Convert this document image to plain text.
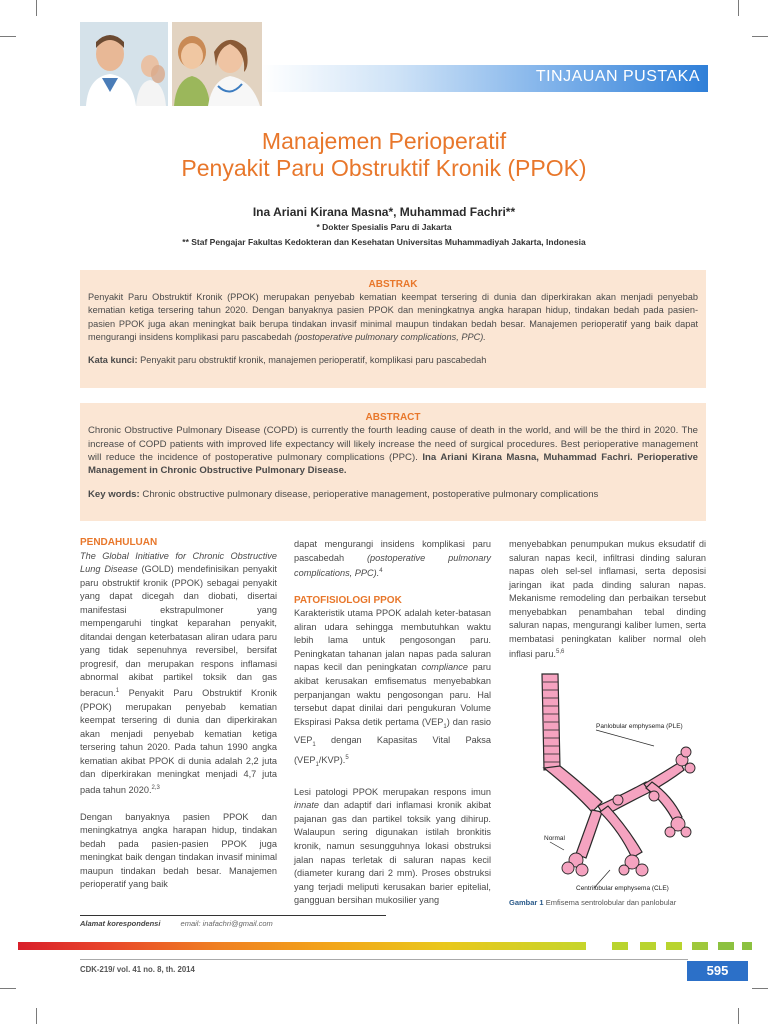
TINJAUAN PUSTAKA
Manajemen Perioperatif
Penyakit Paru Obstruktif Kronik (PPOK)
Ina Ariani Kirana Masna*, Muhammad Fachri**
* Dokter Spesialis Paru di Jakarta
** Staf Pengajar Fakultas Kedokteran dan Kesehatan Universitas Muhammadiyah Jakarta, Indonesia
ABSTRAK
Penyakit Paru Obstruktif Kronik (PPOK) merupakan penyebab kematian keempat tersering di dunia dan diperkirakan akan menjadi penyebab kematian ketiga tersering tahun 2020. Dengan banyaknya pasien PPOK dan meningkatnya angka harapan hidup, tindakan bedah pada pasien-pasien PPOK juga akan meningkat baik berupa tindakan invasif minimal maupun tindakan bedah besar. Manajemen perioperatif yang baik dapat mengurangi insidens komplikasi paru pascabedah (postoperative pulmonary complications, PPC).
Kata kunci: Penyakit paru obstruktif kronik, manajemen perioperatif, komplikasi paru pascabedah
ABSTRACT
Chronic Obstructive Pulmonary Disease (COPD) is currently the fourth leading cause of death in the world, and will be the third in 2020. The increase of COPD patients with improved life expectancy will likely increase the need of surgical procedures. Best perioperative management will reduce the incidence of postoperative pulmonary complications (PPC). Ina Ariani Kirana Masna, Muhammad Fachri. Perioperative Management in Chronic Obstructive Pulmonary Disease.
Key words: Chronic obstructive pulmonary disease, perioperative management, postoperative pulmonary complications
PENDAHULUAN

The Global Initiative for Chronic Obstructive Lung Disease (GOLD) mendefinisikan penyakit paru obstruktif kronik (PPOK) sebagai penyakit yang dapat dicegah dan diobati, disertai manifestasi ekstrapulmoner yang mempengaruhi tingkat keparahan penyakit, ditandai dengan keterbatasan aliran udara paru yang tidak sepenuhnya reversibel, bersifat progresif, dan merupakan respons inflamasi abnormal akibat partikel toksik dan gas beracun.$^1$ Penyakit Paru Obstruktif Kronik (PPOK) merupakan penyebab kematian keempat tersering di dunia dan diperkirakan akan menjadi penyebab kematian ketiga tersering tahun 2020. Pada tahun 1990 angka kematian akibat PPOK di dunia adalah 2,2 juta dan diperkirakan meningkat menjadi 4,7 juta pada tahun 2020.$^{2,3}$

Dengan banyaknya pasien PPOK dan meningkatnya angka harapan hidup, tindakan bedah pada pasien-pasien PPOK juga meningkat baik dengan tindakan invasif minimal maupun tindakan bedah besar. Manajemen perioperatif yang baik

dapat mengurangi insidens komplikasi paru pascabedah (postoperative pulmonary complications, PPC).$^4$

PATOFISIOLOGI PPOK

Karakteristik utama PPOK adalah keter-batasan aliran udara sehingga membutuhkan waktu lebih lama untuk pengosongan paru. Peningkatan tahanan jalan napas pada saluran napas kecil dan peningkatan compliance paru akibat kerusakan emfisematus menyebabkan perpanjangan waktu pengosongan paru. Hal tersebut dapat dinilai dari pengukuran Volume Ekspirasi Paksa detik pertama $(VEP_1)$ dan rasio $VEP_1$ dengan Kapasitas Vital Paksa $(VEP_1/KVP).^5$

Lesi patologi PPOK merupakan respons imun innate dan adaptif dari inflamasi kronik akibat pajanan gas dan partikel toksik yang dihirup. Walaupun sering digunakan istilah bronkitis kronik, namun sesungguhnya lokasi obstruksi jalan napas terletak di saluran napas kecil (diameter kurang dari 2 mm). Proses obstruksi yang terjadi meliputi kerusakan barier epitelial, gangguan bersihan mukosilier yang

menyebabkan penumpukan mukus eksudatif di saluran napas kecil, infiltrasi dinding saluran napas oleh sel-sel inflamasi, serta deposisi jaringan ikat pada dinding saluran napas. Mekanisme remodeling dan perbaikan tersebut menyebabkan penambahan tebal dinding saluran napas, mengurangi kaliber lumen, serta membatasi peningkatan kaliber normal oleh inflasi paru.$^{5,6}$

Panlobular emphysema (PLE)
Normal
Centrilobular emphysema (CLE)
Gambar 1 Emfisema sentrolobular dan panlobular
Alamat korespondensi	email: inafachri@gmail.com
CDK-219/ vol. 41 no. 8, th. 2014	595
